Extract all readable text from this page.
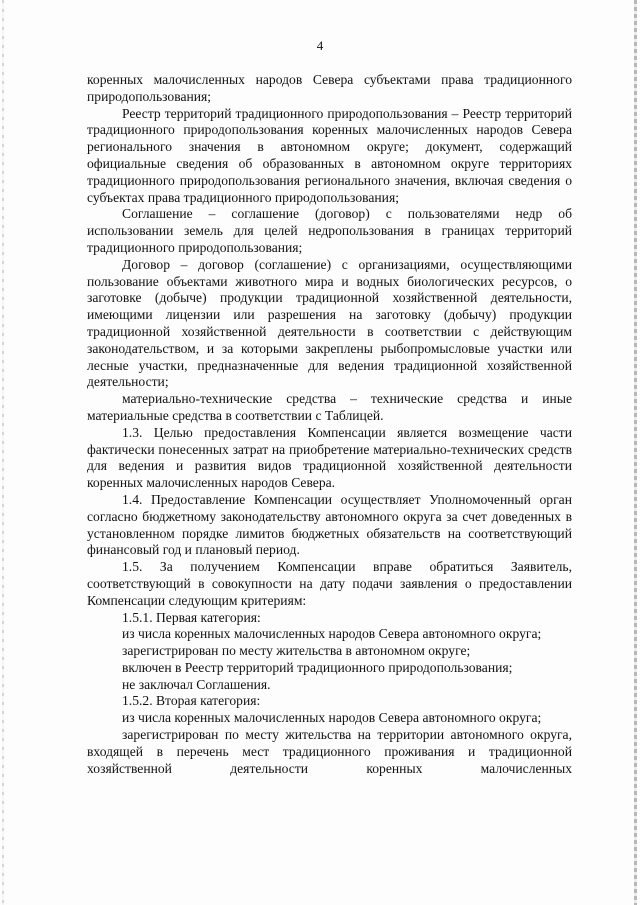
4

коренных малочисленных народов Севера субъектами права традиционного природопользования;

Реестр территорий традиционного природопользования – Реестр территорий традиционного природопользования коренных малочисленных народов Севера регионального значения в автономном округе; документ, содержащий официальные сведения об образованных в автономном округе территориях традиционного природопользования регионального значения, включая сведения о субъектах права традиционного природопользования;

Соглашение – соглашение (договор) с пользователями недр об использовании земель для целей недропользования в границах территорий традиционного природопользования;

Договор – договор (соглашение) с организациями, осуществляющими пользование объектами животного мира и водных биологических ресурсов, о заготовке (добыче) продукции традиционной хозяйственной деятельности, имеющими лицензии или разрешения на заготовку (добычу) продукции традиционной хозяйственной деятельности в соответствии с действующим законодательством, и за которыми закреплены рыбопромысловые участки или лесные участки, предназначенные для ведения традиционной хозяйственной деятельности;

материально-технические средства – технические средства и иные материальные средства в соответствии с Таблицей.

1.3. Целью предоставления Компенсации является возмещение части фактически понесенных затрат на приобретение материально-технических средств для ведения и развития видов традиционной хозяйственной деятельности коренных малочисленных народов Севера.

1.4. Предоставление Компенсации осуществляет Уполномоченный орган согласно бюджетному законодательству автономного округа за счет доведенных в установленном порядке лимитов бюджетных обязательств на соответствующий финансовый год и плановый период.

1.5. За получением Компенсации вправе обратиться Заявитель, соответствующий в совокупности на дату подачи заявления о предоставлении Компенсации следующим критериям:

1.5.1. Первая категория:

из числа коренных малочисленных народов Севера автономного округа;

зарегистрирован по месту жительства в автономном округе;

включен в Реестр территорий традиционного природопользования;

не заключал Соглашения.

1.5.2. Вторая категория:

из числа коренных малочисленных народов Севера автономного округа;

зарегистрирован по месту жительства на территории автономного округа, входящей в перечень мест традиционного проживания и традиционной хозяйственной деятельности коренных малочисленных
